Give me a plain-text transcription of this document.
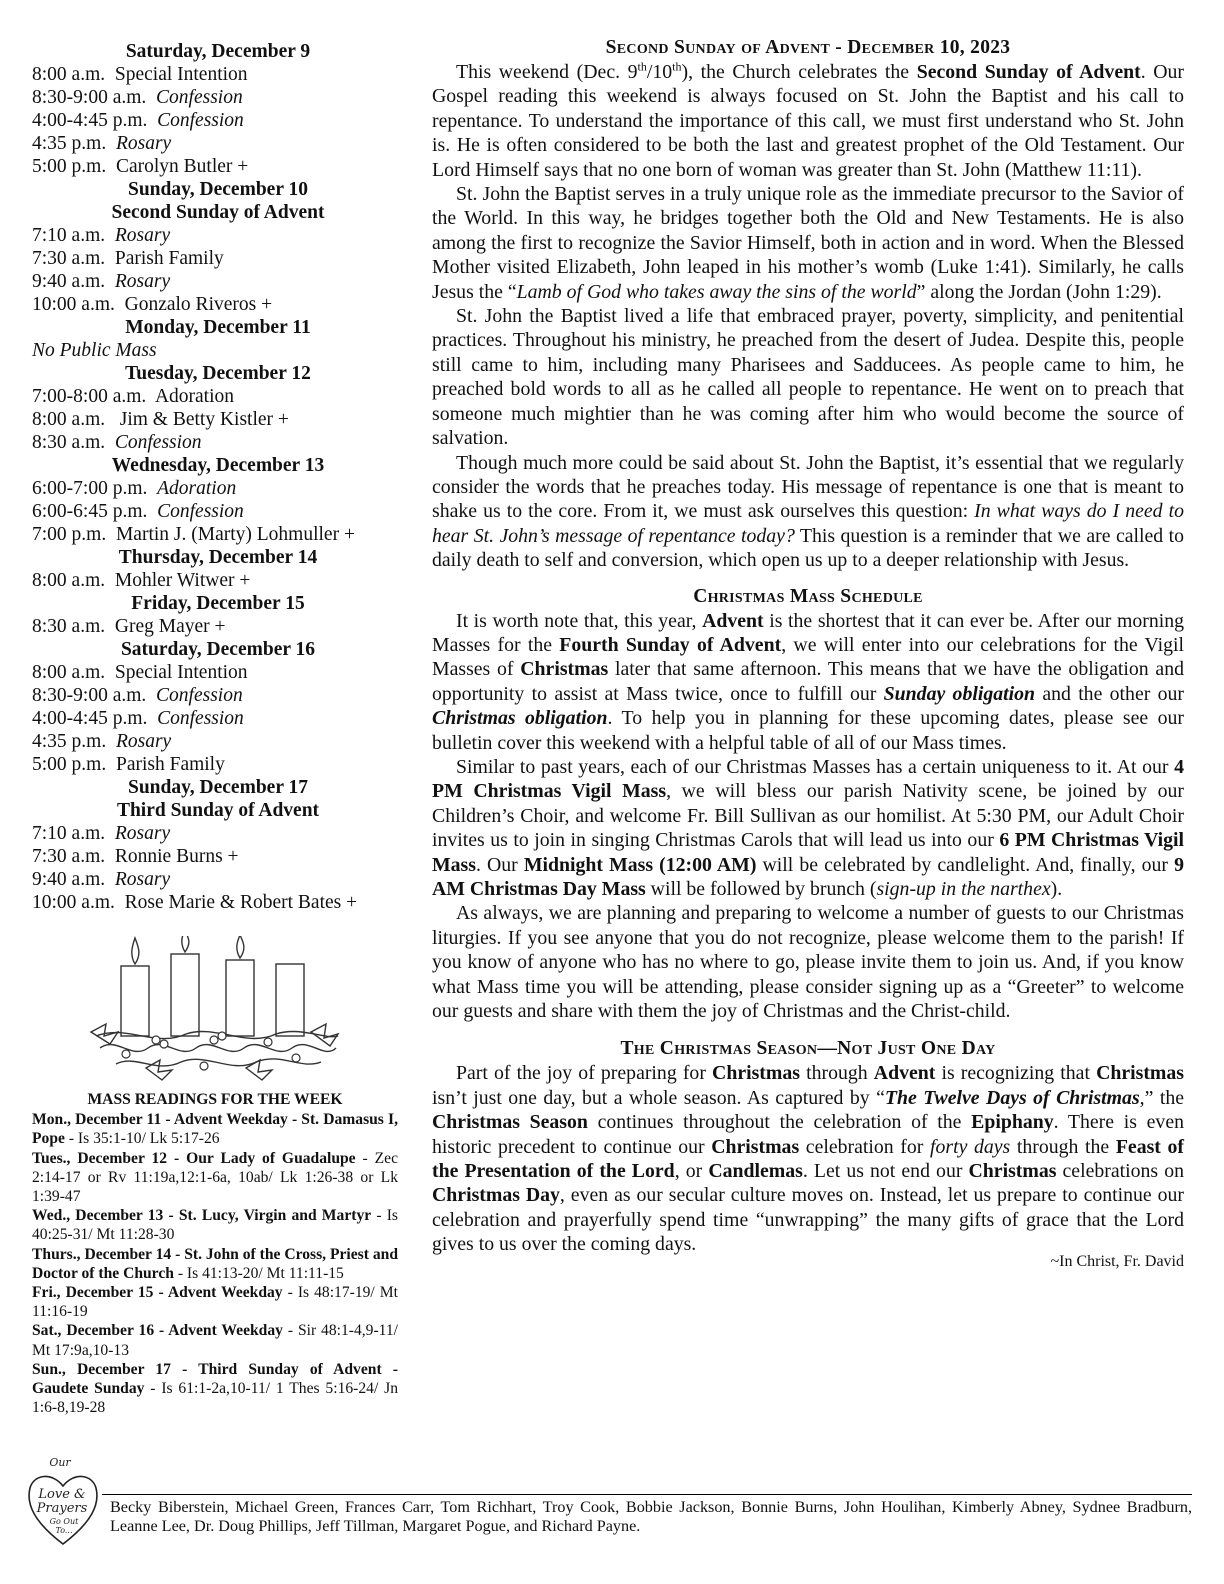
Saturday, December 9
8:00 a.m.  Special Intention
8:30-9:00 a.m.  Confession
4:00-4:45 p.m.  Confession
4:35 p.m.  Rosary
5:00 p.m.  Carolyn Butler +
Sunday, December 10
Second Sunday of Advent
7:10 a.m.  Rosary
7:30 a.m.  Parish Family
9:40 a.m.  Rosary
10:00 a.m.  Gonzalo Riveros +
Monday, December 11
No Public Mass
Tuesday, December 12
7:00-8:00 a.m.  Adoration
8:00 a.m.   Jim & Betty Kistler +
8:30 a.m.  Confession
Wednesday, December 13
6:00-7:00 p.m.  Adoration
6:00-6:45 p.m.  Confession
7:00 p.m.  Martin J. (Marty) Lohmuller +
Thursday, December 14
8:00 a.m.  Mohler Witwer +
Friday, December 15
8:30 a.m.  Greg Mayer +
Saturday, December 16
8:00 a.m.  Special Intention
8:30-9:00 a.m.  Confession
4:00-4:45 p.m.  Confession
4:35 p.m.  Rosary
5:00 p.m.  Parish Family
Sunday, December 17
Third Sunday of Advent
7:10 a.m.  Rosary
7:30 a.m.  Ronnie Burns +
9:40 a.m.  Rosary
10:00 a.m.  Rose Marie & Robert Bates +
MASS READINGS FOR THE WEEK
Mon., December 11 - Advent Weekday - St. Damasus I, Pope - Is 35:1-10/ Lk 5:17-26
Tues., December 12 - Our Lady of Guadalupe - Zec 2:14-17 or Rv 11:19a,12:1-6a, 10ab/ Lk 1:26-38 or Lk 1:39-47
Wed., December 13 - St. Lucy, Virgin and Martyr - Is 40:25-31/ Mt 11:28-30
Thurs., December 14 - St. John of the Cross, Priest and Doctor of the Church - Is 41:13-20/ Mt 11:11-15
Fri., December 15 - Advent Weekday - Is 48:17-19/ Mt 11:16-19
Sat., December 16 - Advent Weekday - Sir 48:1-4,9-11/ Mt 17:9a,10-13
Sun., December 17 - Third Sunday of Advent - Gaudete Sunday - Is 61:1-2a,10-11/ 1 Thes 5:16-24/ Jn 1:6-8,19-28
Second Sunday of Advent - December 10, 2023

This weekend (Dec. 9th/10th), the Church celebrates the Second Sunday of Advent. Our Gospel reading this weekend is always focused on St. John the Baptist and his call to repentance. To understand the importance of this call, we must first understand who St. John is. He is often considered to be both the last and greatest prophet of the Old Testament. Our Lord Himself says that no one born of woman was greater than St. John (Matthew 11:11).

St. John the Baptist serves in a truly unique role as the immediate precursor to the Savior of the World. In this way, he bridges together both the Old and New Testaments. He is also among the first to recognize the Savior Himself, both in action and in word. When the Blessed Mother visited Elizabeth, John leaped in his mother’s womb (Luke 1:41). Similarly, he calls Jesus the “Lamb of God who takes away the sins of the world” along the Jordan (John 1:29).

St. John the Baptist lived a life that embraced prayer, poverty, simplicity, and penitential practices. Throughout his ministry, he preached from the desert of Judea. Despite this, people still came to him, including many Pharisees and Sadducees. As people came to him, he preached bold words to all as he called all people to repentance. He went on to preach that someone much mightier than he was coming after him who would become the source of salvation.

Though much more could be said about St. John the Baptist, it’s essential that we regularly consider the words that he preaches today. His message of repentance is one that is meant to shake us to the core. From it, we must ask ourselves this question: In what ways do I need to hear St. John’s message of repentance today? This question is a reminder that we are called to daily death to self and conversion, which open us up to a deeper relationship with Jesus.

Christmas Mass Schedule

It is worth note that, this year, Advent is the shortest that it can ever be. After our morning Masses for the Fourth Sunday of Advent, we will enter into our celebrations for the Vigil Masses of Christmas later that same afternoon. This means that we have the obligation and opportunity to assist at Mass twice, once to fulfill our Sunday obligation and the other our Christmas obligation. To help you in planning for these upcoming dates, please see our bulletin cover this weekend with a helpful table of all of our Mass times.

Similar to past years, each of our Christmas Masses has a certain uniqueness to it. At our 4 PM Christmas Vigil Mass, we will bless our parish Nativity scene, be joined by our Children’s Choir, and welcome Fr. Bill Sullivan as our homilist. At 5:30 PM, our Adult Choir invites us to join in singing Christmas Carols that will lead us into our 6 PM Christmas Vigil Mass. Our Midnight Mass (12:00 AM) will be celebrated by candlelight. And, finally, our 9 AM Christmas Day Mass will be followed by brunch (sign-up in the narthex).

As always, we are planning and preparing to welcome a number of guests to our Christmas liturgies. If you see anyone that you do not recognize, please welcome them to the parish! If you know of anyone who has no where to go, please invite them to join us. And, if you know what Mass time you will be attending, please consider signing up as a “Greeter” to welcome our guests and share with them the joy of Christmas and the Christ-child.

The Christmas Season—Not Just One Day

Part of the joy of preparing for Christmas through Advent is recognizing that Christmas isn’t just one day, but a whole season. As captured by “The Twelve Days of Christmas,” the Christmas Season continues throughout the celebration of the Epiphany. There is even historic precedent to continue our Christmas celebration for forty days through the Feast of the Presentation of the Lord, or Candlemas. Let us not end our Christmas celebrations on Christmas Day, even as our secular culture moves on. Instead, let us prepare to continue our celebration and prayerfully spend time “unwrapping” the many gifts of grace that the Lord gives to us over the coming days.

~In Christ, Fr. David
Our
Love &
Prayers
Go Out
To...
Becky Biberstein, Michael Green, Frances Carr, Tom Richhart, Troy Cook, Bobbie Jackson, Bonnie Burns, John Houlihan, Kimberly Abney, Sydnee Bradburn, Leanne Lee, Dr. Doug Phillips, Jeff Tillman, Margaret Pogue, and Richard Payne.
